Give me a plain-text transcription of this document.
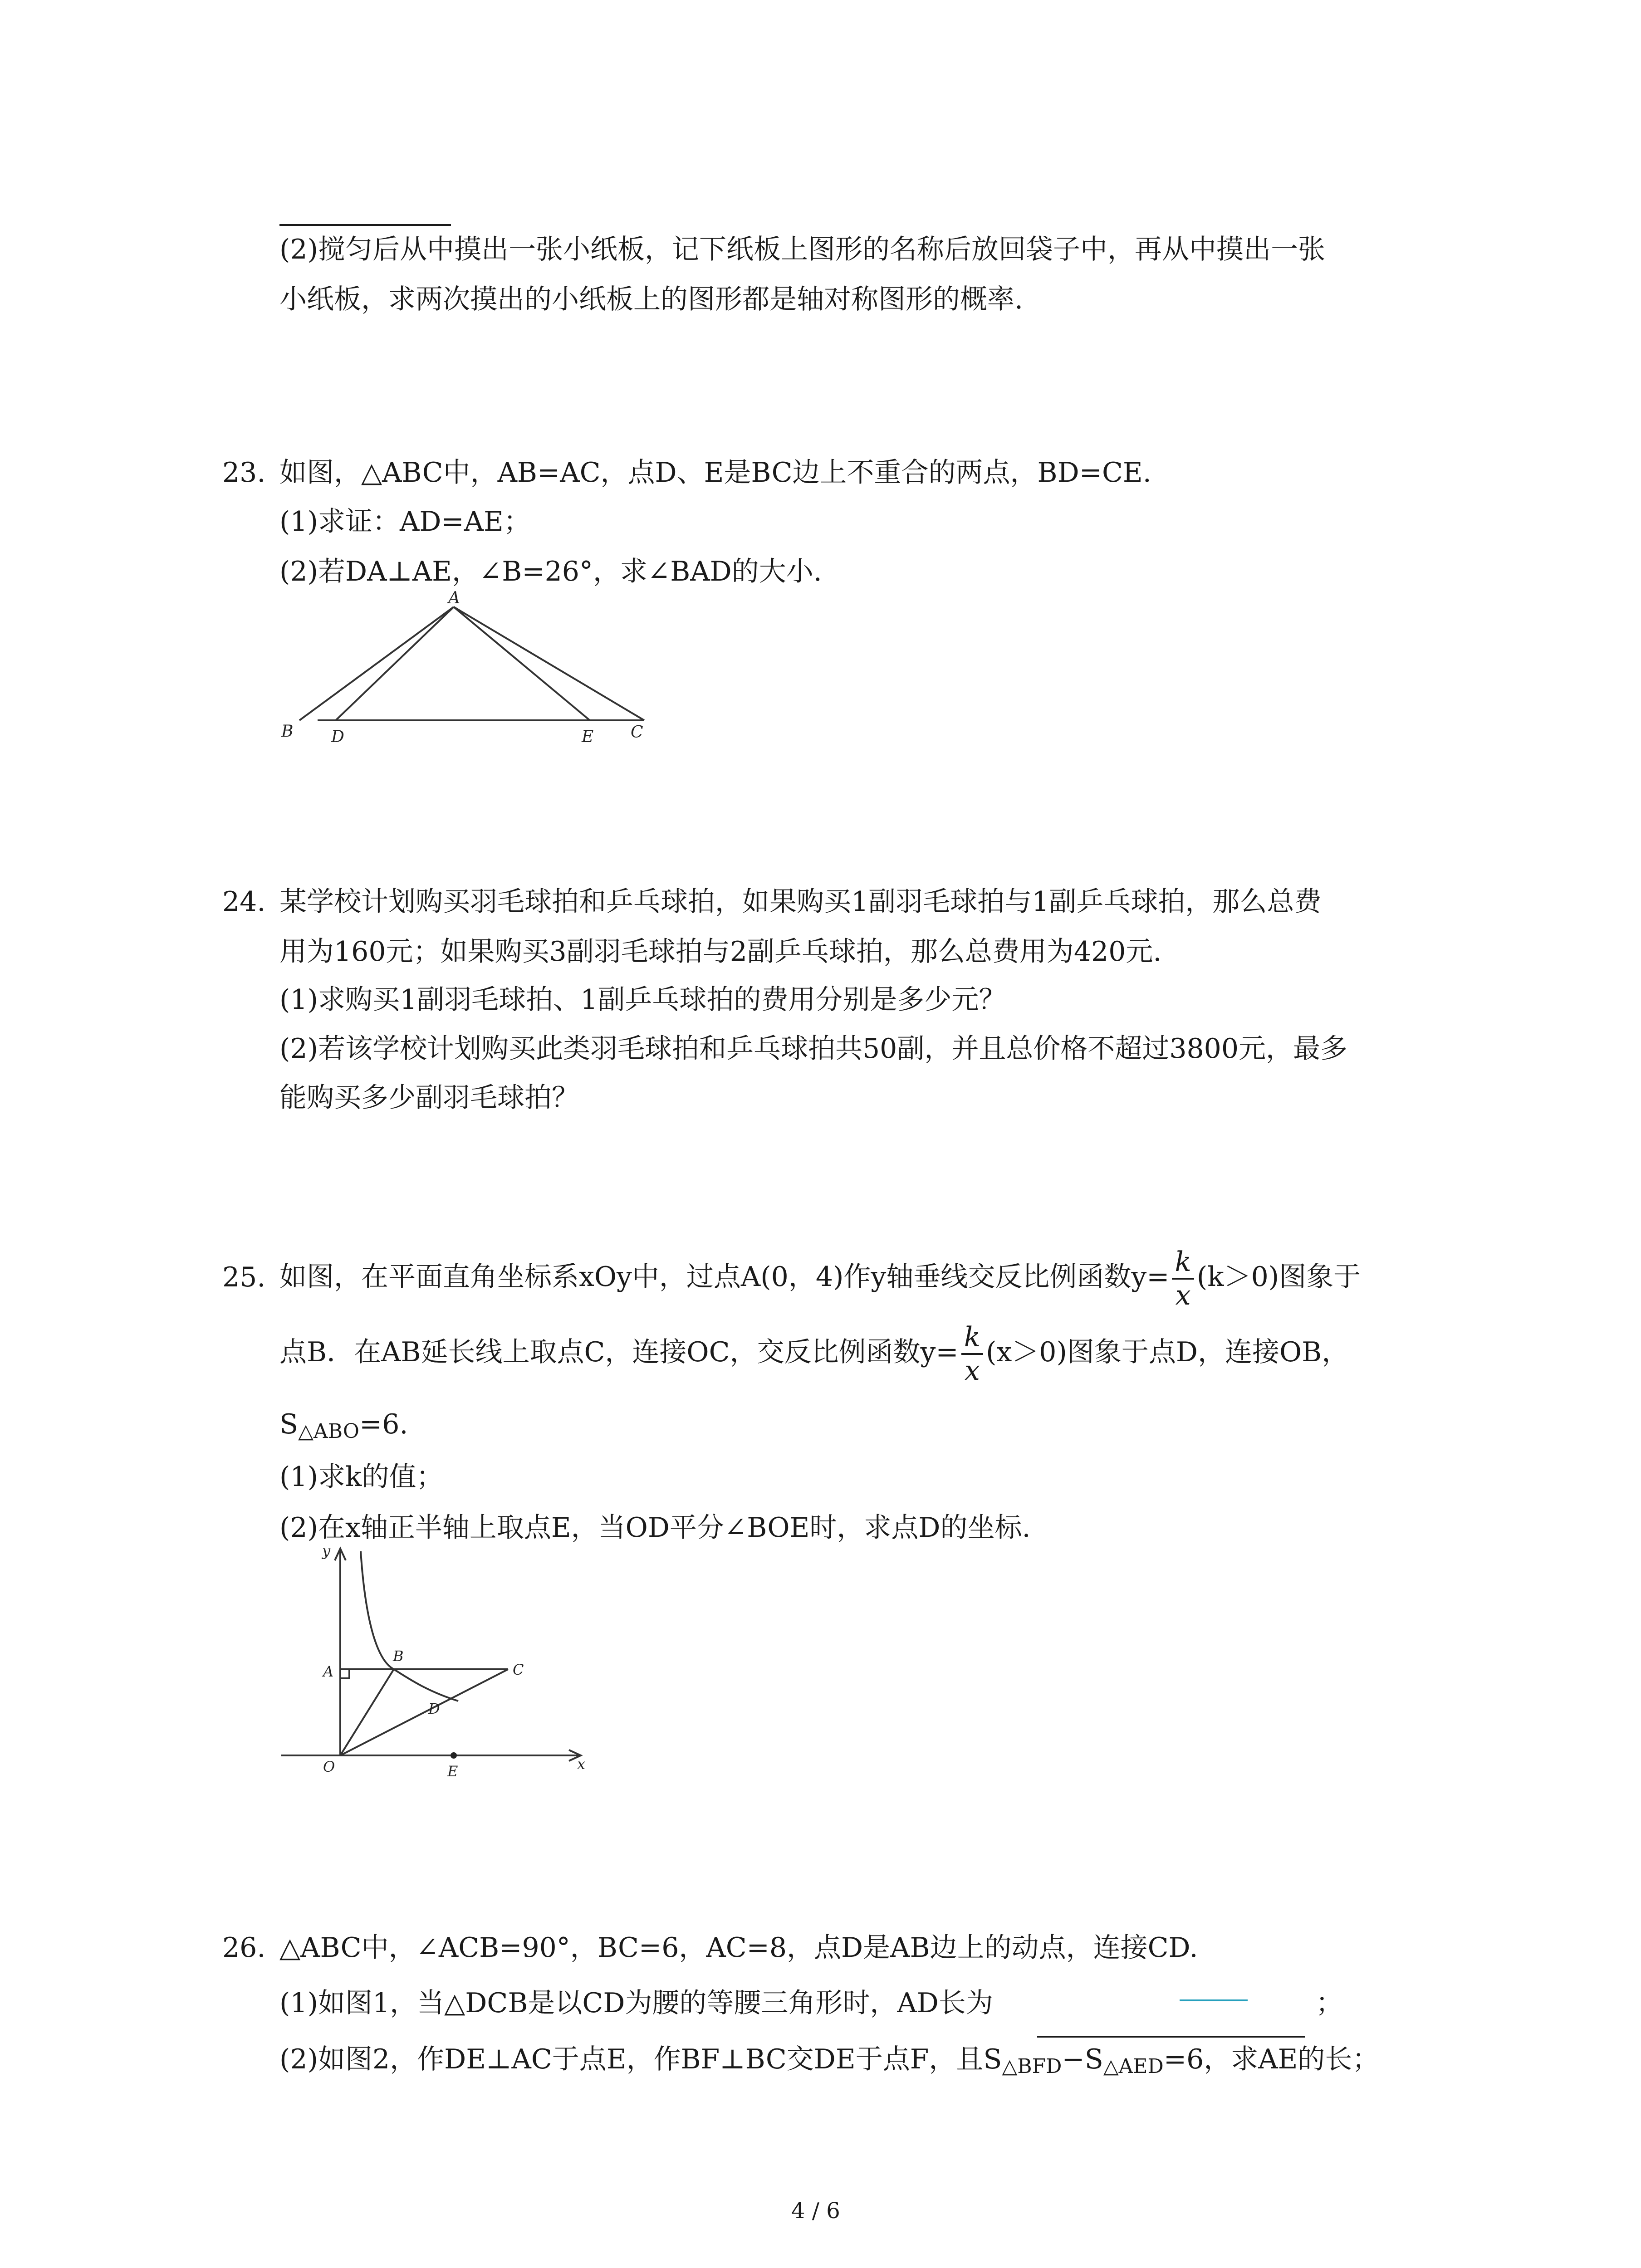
(2)搅匀后从中摸出一张小纸板，记下纸板上图形的名称后放回袋子中，再从中摸出一张
小纸板，求两次摸出的小纸板上的图形都是轴对称图形的概率.
23. 如图，△ABC中，AB=AC，点D、E是BC边上不重合的两点，BD=CE.
(1)求证：AD=AE；
(2)若DA⊥AE，∠B=26°，求∠BAD的大小.
A
B D	E C
24. 某学校计划购买羽毛球拍和乒乓球拍，如果购买1副羽毛球拍与1副乒乓球拍，那么总费
用为160元；如果购买3副羽毛球拍与2副乒乓球拍，那么总费用为420元.
(1)求购买1副羽毛球拍、1副乒乓球拍的费用分别是多少元？
(2)若该学校计划购买此类羽毛球拍和乒乓球拍共50副，并且总价格不超过3800元，最多
能购买多少副羽毛球拍？
25. 如图，在平面直角坐标系xOy中，过点A(0，4)作y轴垂线交反比例函数$y= \frac{k}{x} (k>0)$图象于
点B．在AB延长线上取点C，连接OC，交反比例函数$y= \frac{k}{x} (x>0)$图象于点D，连接OB，
$S_{\triangle ABO}=6$.
(1)求k的值；
(2)在x轴正半轴上取点E，当OD平分∠BOE时，求点D的坐标.
y
A
B
C
D
O	E	x
26. △ABC中，∠ACB=90°，BC=6，AC=8，点D是AB边上的动点，连接CD.
(1)如图1，当△DCB是以CD为腰的等腰三角形时，AD长为	；
(2)如图2，作DE⊥AC于点E，作BF⊥BC交DE于点F，且$S_{\triangle BFD}-S_{\triangle AED}=6$，求AE的长；
4 / 6
